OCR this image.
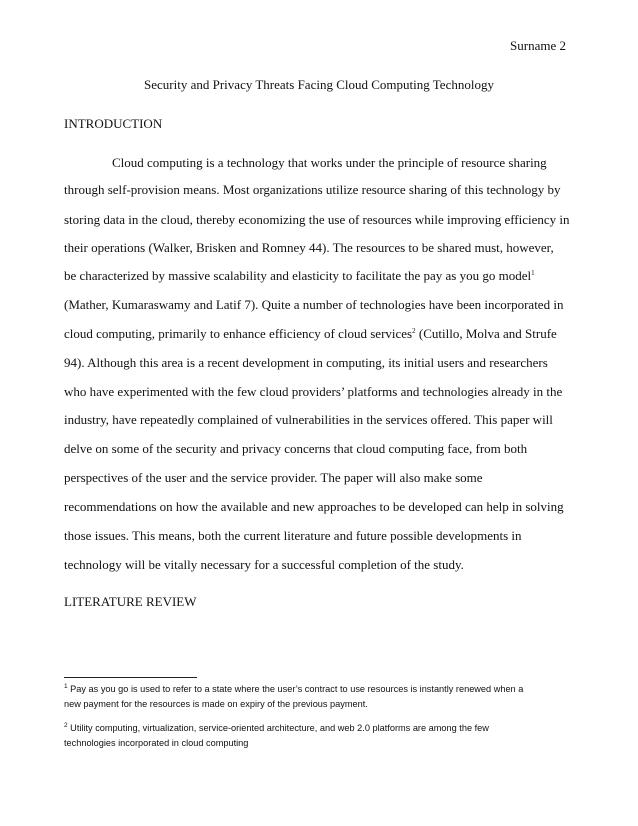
Surname 2
Security and Privacy Threats Facing Cloud Computing Technology
INTRODUCTION
Cloud computing is a technology that works under the principle of resource sharing
through self-provision means. Most organizations utilize resource sharing of this technology by
storing data in the cloud, thereby economizing the use of resources while improving efficiency in
their operations (Walker, Brisken and Romney 44). The resources to be shared must, however,
be characterized by massive scalability and elasticity to facilitate the pay as you go model$^1$
(Mather, Kumaraswamy and Latif 7). Quite a number of technologies have been incorporated in
cloud computing, primarily to enhance efficiency of cloud services$^2$ (Cutillo, Molva and Strufe
94). Although this area is a recent development in computing, its initial users and researchers
who have experimented with the few cloud providers’ platforms and technologies already in the
industry, have repeatedly complained of vulnerabilities in the services offered. This paper will
delve on some of the security and privacy concerns that cloud computing face, from both
perspectives of the user and the service provider. The paper will also make some
recommendations on how the available and new approaches to be developed can help in solving
those issues. This means, both the current literature and future possible developments in
technology will be vitally necessary for a successful completion of the study.
LITERATURE REVIEW
$^1$ Pay as you go is used to refer to a state where the user’s contract to use resources is instantly renewed when a
new payment for the resources is made on expiry of the previous payment.
$^2$ Utility computing, virtualization, service-oriented architecture, and web 2.0 platforms are among the few
technologies incorporated in cloud computing
